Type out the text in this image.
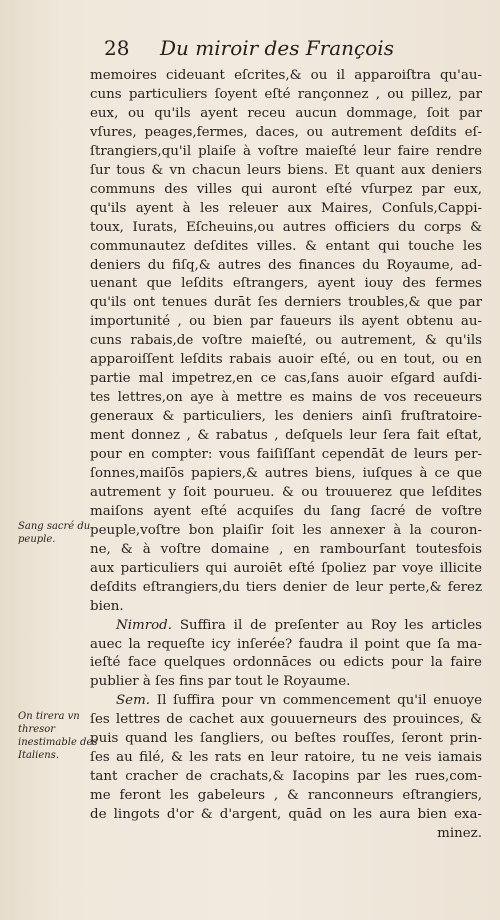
28 Du miroir des François
Sang sacré du peuple.
On tirera vn thresor inestimable des Italiens.
memoires cideuant eſcrites,& ou il apparoiſtra qu'au-
cuns particuliers ſoyent eſté rançonnez , ou pillez, par
eux, ou qu'ils ayent receu aucun dommage, ſoit par
vſures, peages,fermes, daces, ou autrement deſdits eſ-
ſtrangiers,qu'il plaiſe à voſtre maieſté leur faire rendre
ſur tous & vn chacun leurs biens. Et quant aux deniers
communs des villes qui auront eſté vſurpez par eux,
qu'ils ayent à les releuer aux Maires, Conſuls,Cappi-
toux, Iurats, Eſcheuins,ou autres officiers du corps &
communautez deſdites villes. & entant qui touche les
deniers du fiſq,& autres des finances du Royaume, ad-
uenant que leſdits eſtrangers, ayent iouy des fermes
qu'ils ont tenues durāt ſes derniers troubles,& que par
importunité , ou bien par faueurs ils ayent obtenu au-
cuns rabais,de voſtre maieſté, ou autrement, & qu'ils
apparoiſſent leſdits rabais auoir eſté, ou en tout, ou en
partie mal impetrez,en ce cas,ſans auoir eſgard auſdi-
tes lettres,on aye à mettre es mains de vos receueurs
generaux & particuliers, les deniers ainſi fruſtratoire-
ment donnez , & rabatus , deſquels leur ſera fait eſtat,
pour en compter: vous faiſiſſant cependāt de leurs per-
ſonnes,maiſōs papiers,& autres biens, iuſques à ce que
autrement y ſoit pourueu. & ou trouuerez que leſdites
maiſons ayent eſté acquiſes du ſang ſacré de voſtre
peuple,voſtre bon plaiſir ſoit les annexer à la couron-
ne, & à voſtre domaine , en rambourſant toutesfois
aux particuliers qui auroiēt eſté ſpoliez par voye illicite
deſdits eſtrangiers,du tiers denier de leur perte,& ferez
bien.
Nimrod. Suffira il de preſenter au Roy les articles
auec la requeſte icy inſerée? faudra il point que ſa ma-
ieſté face quelques ordonnāces ou edicts pour la faire
publier à ſes fins par tout le Royaume.
Sem. Il ſuffira pour vn commencement qu'il enuoye
ſes lettres de cachet aux gouuerneurs des prouinces, &
puis quand les ſangliers, ou beſtes rouſſes, ſeront prin-
ſes au filé, & les rats en leur ratoire, tu ne veis iamais
tant cracher de crachats,& Iacopins par les rues,com-
me feront les gabeleurs , & ranconneurs eſtrangiers,
de lingots d'or & d'argent, quād on les aura bien exa-
minez.
